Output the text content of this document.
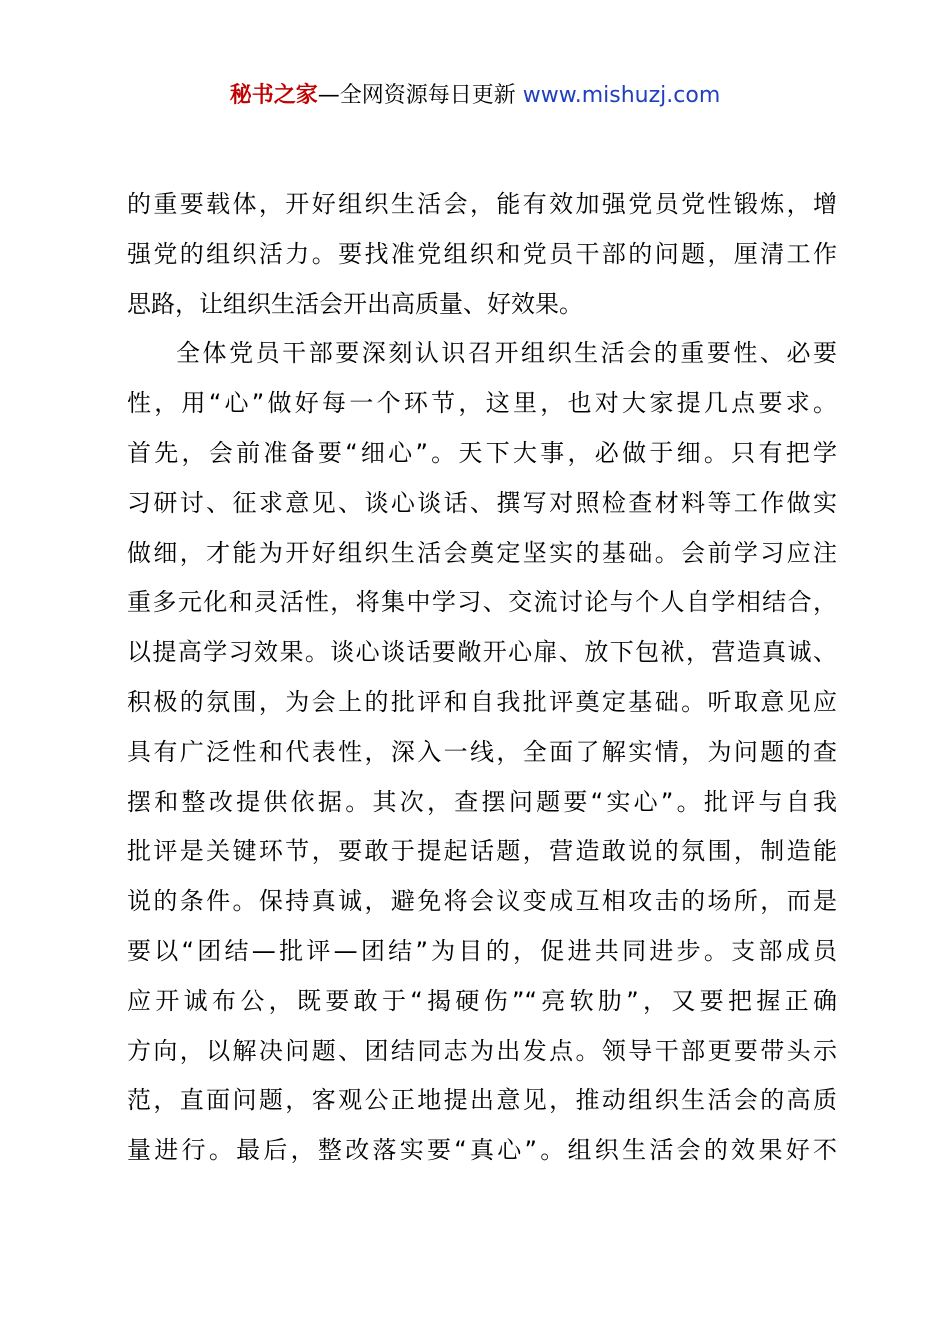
秘书之家—全网资源每日更新 www.mishuzj.com
的重要载体，开好组织生活会，能有效加强党员党性锻炼，增
强党的组织活力。要找准党组织和党员干部的问题，厘清工作
思路，让组织生活会开出高质量、好效果。
全体党员干部要深刻认识召开组织生活会的重要性、必要
性，用“心”做好每一个环节，这里，也对大家提几点要求。
首先，会前准备要“细心”。天下大事，必做于细。只有把学
习研讨、征求意见、谈心谈话、撰写对照检查材料等工作做实
做细，才能为开好组织生活会奠定坚实的基础。会前学习应注
重多元化和灵活性，将集中学习、交流讨论与个人自学相结合，
以提高学习效果。谈心谈话要敞开心扉、放下包袱，营造真诚、
积极的氛围，为会上的批评和自我批评奠定基础。听取意见应
具有广泛性和代表性，深入一线，全面了解实情，为问题的查
摆和整改提供依据。其次，查摆问题要“实心”。批评与自我
批评是关键环节，要敢于提起话题，营造敢说的氛围，制造能
说的条件。保持真诚，避免将会议变成互相攻击的场所，而是
要以“团结—批评—团结”为目的，促进共同进步。支部成员
应开诚布公，既要敢于“揭硬伤”“亮软肋”，又要把握正确
方向，以解决问题、团结同志为出发点。领导干部更要带头示
范，直面问题，客观公正地提出意见，推动组织生活会的高质
量进行。最后，整改落实要“真心”。组织生活会的效果好不
